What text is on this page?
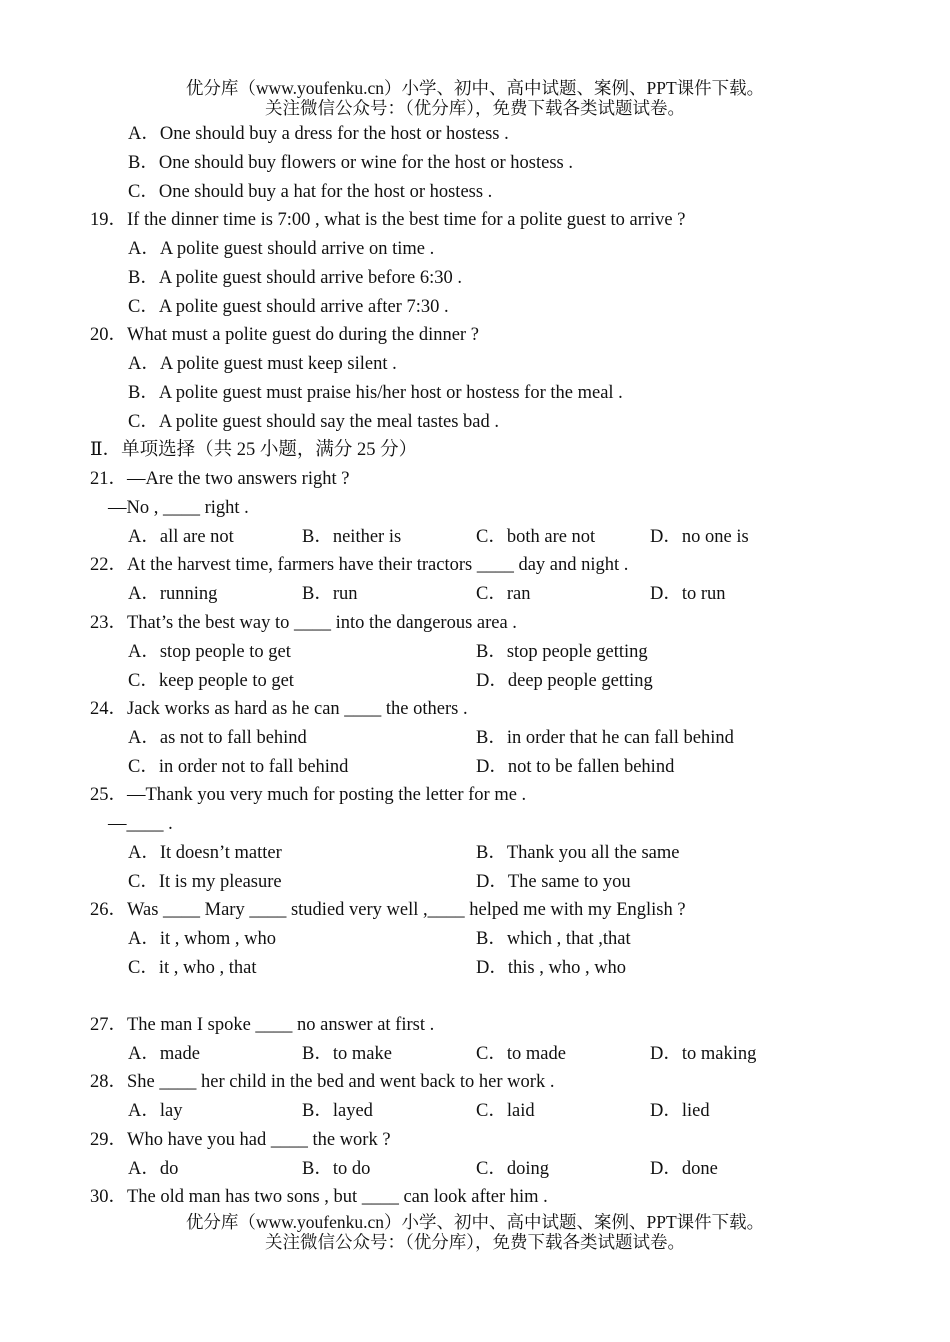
优分库（www.youfenku.cn）小学、初中、高中试题、案例、PPT课件下载。
关注微信公众号：（优分库），免费下载各类试题试卷。
A．One should buy a dress for the host or hostess .
B．One should buy flowers or wine for the host or hostess .
C．One should buy a hat for the host or hostess .
19．If the dinner time is 7:00 , what is the best time for a polite guest to arrive ?
A．A polite guest should arrive on time .
B．A polite guest should arrive before 6:30 .
C．A polite guest should arrive after 7:30 .
20．What must a polite guest do during the dinner ?
A．A polite guest must keep silent .
B．A polite guest must praise his/her host or hostess for the meal .
C．A polite guest should say the meal tastes bad .
Ⅱ．单项选择（共 25 小题，满分 25 分）
21．—Are the two answers right ?
—No , ____ right .
A．all are not	B．neither is	C．both are not	D．no one is
22．At the harvest time, farmers have their tractors ____ day and night .
A．running	B．run	C．ran	D．to run
23．That’s the best way to ____ into the dangerous area .
A．stop people to get	B．stop people getting
C．keep people to get	D．deep people getting
24．Jack works as hard as he can ____ the others .
A．as not to fall behind	B．in order that he can fall behind
C．in order not to fall behind	D．not to be fallen behind
25．—Thank you very much for posting the letter for me .
—____ .
A．It doesn’t matter	B．Thank you all the same
C．It is my pleasure	D．The same to you
26．Was ____ Mary ____ studied very well ,____ helped me with my English ?
A．it , whom , who	B．which , that ,that
C．it , who , that	D．this , who , who
27．The man I spoke ____ no answer at first .
A．made	B．to make	C．to made	D．to making
28．She ____ her child in the bed and went back to her work .
A．lay	B．layed	C．laid	D．lied
29．Who have you had ____ the work ?
A．do	B．to do	C．doing	D．done
30．The old man has two sons , but ____ can look after him .
优分库（www.youfenku.cn）小学、初中、高中试题、案例、PPT课件下载。
关注微信公众号：（优分库），免费下载各类试题试卷。
